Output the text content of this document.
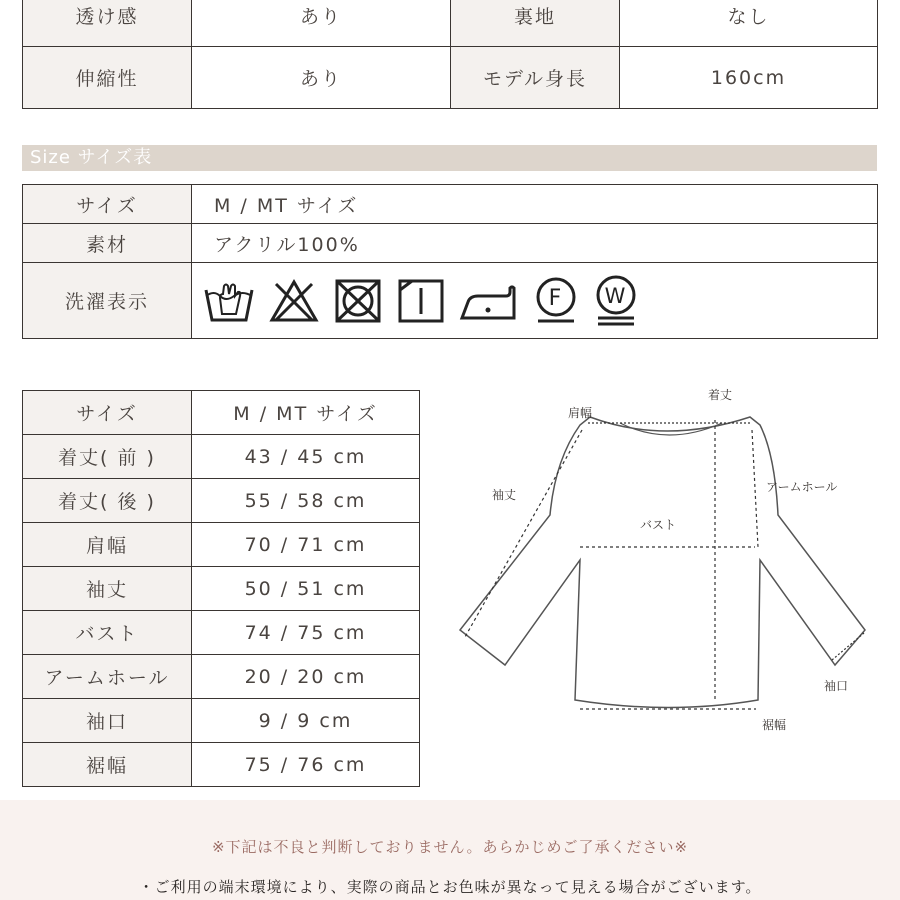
透け感	あり	裏地	なし
伸縮性	あり	モデル身長	160cm
Size サイズ表
サイズ	M / MT サイズ
素材	アクリル100%
洗濯表示	F W
サイズ	M / MT サイズ
着丈( 前 )	43 / 45 cm
着丈( 後 )	55 / 58 cm
肩幅	70 / 71 cm
袖丈	50 / 51 cm
バスト	74 / 75 cm
アームホール	20 / 20 cm
袖口	9 / 9 cm
裾幅	75 / 76 cm
着丈
肩幅
袖丈
アームホール
バスト
袖口
裾幅
※下記は不良と判断しておりません。あらかじめご了承ください※
・ご利用の端末環境により、実際の商品とお色味が異なって見える場合がございます。
